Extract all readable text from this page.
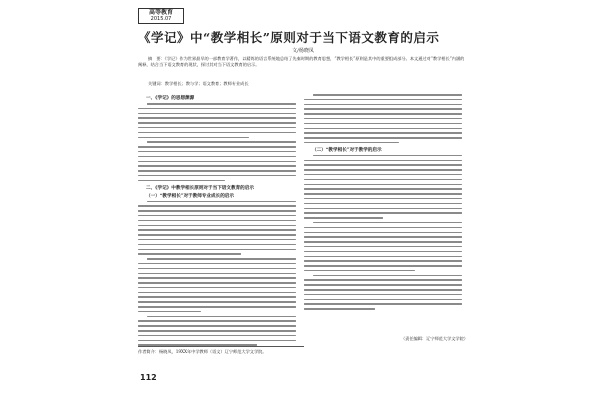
高等教育
2015.07
《学记》中“教学相长”原则对于当下语文教育的启示
文/杨晓凤
摘　要：《学记》作为世界最早的一部教育学著作，以精炼的语言系统地总结了先秦时期的教育思想，“教学相长”原则是其中的重要组成部分。本文通过对“教学相长”内涵的阐释，结合当下语文教育的现状，探讨其对当下语文教育的启示。
关键词：教学相长；教与学；语文教育；教师专业成长
一、《学记》的思想渊源
二、《学记》中教学相长原则对于当下语文教育的启示
（一）“教学相长”对于教师专业成长的启示
（二）“教学相长”对于教学的启示
（责任编辑：辽宁师范大学文学院）
作者简介：杨晓凤，19XX年中学教师（语文）辽宁师范大学文学院。
112
